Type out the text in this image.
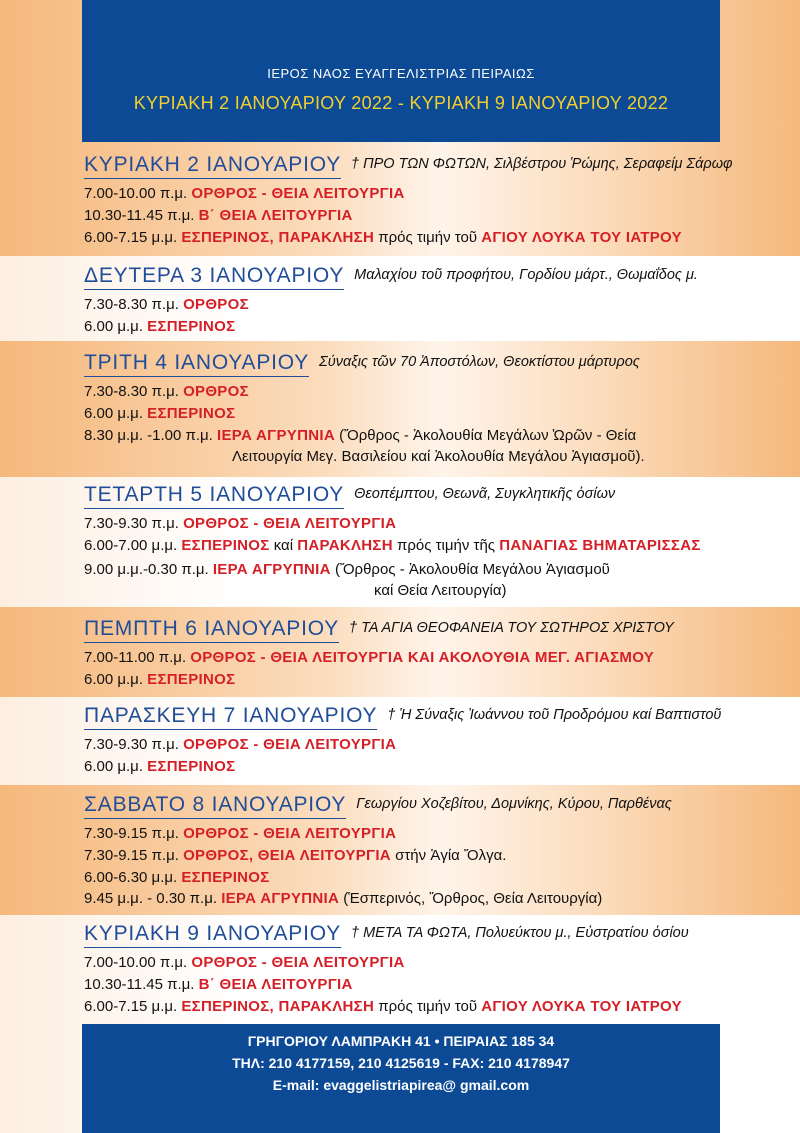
ΙΕΡΟΣ ΝΑΟΣ ΕΥΑΓΓΕΛΙΣΤΡΙΑΣ ΠΕΙΡΑΙΩΣ
ΚΥΡΙΑΚΗ 2 ΙΑΝΟΥΑΡΙΟΥ 2022 - ΚΥΡΙΑΚΗ 9 ΙΑΝΟΥΑΡΙΟΥ 2022
ΚΥΡΙΑΚΗ 2 ΙΑΝΟΥΑΡΙΟΥ † ΠΡΟ ΤΩΝ ΦΩΤΩΝ, Σιλβέστρου Ῥώμης, Σεραφείμ Σάρωφ
7.00-10.00 π.μ. ΟΡΘΡΟΣ - ΘΕΙΑ ΛΕΙΤΟΥΡΓΙΑ
10.30-11.45 π.μ. Β΄ ΘΕΙΑ ΛΕΙΤΟΥΡΓΙΑ
6.00-7.15 μ.μ. ΕΣΠΕΡΙΝΟΣ, ΠΑΡΑΚΛΗΣΗ πρός τιμήν τοῦ ΑΓΙΟΥ ΛΟΥΚΑ ΤΟΥ ΙΑΤΡΟΥ
ΔΕΥΤΕΡΑ 3 ΙΑΝΟΥΑΡΙΟΥ Μαλαχίου τοῦ προφήτου, Γορδίου μάρτ., Θωμαΐδος μ.
7.30-8.30 π.μ. ΟΡΘΡΟΣ
6.00 μ.μ. ΕΣΠΕΡΙΝΟΣ
ΤΡΙΤΗ 4 ΙΑΝΟΥΑΡΙΟΥ Σύναξις τῶν 70 Ἀποστόλων, Θεοκτίστου μάρτυρος
7.30-8.30 π.μ. ΟΡΘΡΟΣ
6.00 μ.μ. ΕΣΠΕΡΙΝΟΣ
8.30 μ.μ. -1.00 π.μ. ΙΕΡΑ ΑΓΡΥΠΝΙΑ (Ὄρθρος - Ἀκολουθία Μεγάλων Ὡρῶν - Θεία
Λειτουργία Μεγ. Βασιλείου καί Ἀκολουθία Μεγάλου Ἁγιασμοῦ).
ΤΕΤΑΡΤΗ 5 ΙΑΝΟΥΑΡΙΟΥ Θεοπέμπτου, Θεωνᾶ, Συγκλητικῆς ὁσίων
7.30-9.30 π.μ. ΟΡΘΡΟΣ - ΘΕΙΑ ΛΕΙΤΟΥΡΓΙΑ
6.00-7.00 μ.μ. ΕΣΠΕΡΙΝΟΣ καί ΠΑΡΑΚΛΗΣΗ πρός τιμήν τῆς ΠΑΝΑΓΙΑΣ ΒΗΜΑΤΑΡΙΣΣΑΣ
9.00 μ.μ.-0.30 π.μ. ΙΕΡΑ ΑΓΡΥΠΝΙΑ (Ὄρθρος - Ἀκολουθία Μεγάλου Ἁγιασμοῦ
καί Θεία Λειτουργία)
ΠΕΜΠΤΗ 6 ΙΑΝΟΥΑΡΙΟΥ † ΤΑ ΑΓΙΑ ΘΕΟΦΑΝΕΙΑ ΤΟΥ ΣΩΤΗΡΟΣ ΧΡΙΣΤΟΥ
7.00-11.00 π.μ. ΟΡΘΡΟΣ - ΘΕΙΑ ΛΕΙΤΟΥΡΓΙΑ ΚΑΙ ΑΚΟΛΟΥΘΙΑ ΜΕΓ. ΑΓΙΑΣΜΟΥ
6.00 μ.μ. ΕΣΠΕΡΙΝΟΣ
ΠΑΡΑΣΚΕΥΗ 7 ΙΑΝΟΥΑΡΙΟΥ † Ἡ Σύναξις Ἰωάννου τοῦ Προδρόμου καί Βαπτιστοῦ
7.30-9.30 π.μ. ΟΡΘΡΟΣ - ΘΕΙΑ ΛΕΙΤΟΥΡΓΙΑ
6.00 μ.μ. ΕΣΠΕΡΙΝΟΣ
ΣΑΒΒΑΤΟ 8 ΙΑΝΟΥΑΡΙΟΥ Γεωργίου Χοζεβίτου, Δομνίκης, Κύρου, Παρθένας
7.30-9.15 π.μ. ΟΡΘΡΟΣ - ΘΕΙΑ ΛΕΙΤΟΥΡΓΙΑ
7.30-9.15 π.μ. ΟΡΘΡΟΣ, ΘΕΙΑ ΛΕΙΤΟΥΡΓΙΑ στήν Ἁγία Ὄλγα.
6.00-6.30 μ.μ. ΕΣΠΕΡΙΝΟΣ
9.45 μ.μ. - 0.30 π.μ. ΙΕΡΑ ΑΓΡΥΠΝΙΑ (Ἑσπερινός, Ὄρθρος, Θεία Λειτουργία)
ΚΥΡΙΑΚΗ 9 ΙΑΝΟΥΑΡΙΟΥ † ΜΕΤΑ ΤΑ ΦΩΤΑ, Πολυεύκτου μ., Εὐστρατίου ὁσίου
7.00-10.00 π.μ. ΟΡΘΡΟΣ - ΘΕΙΑ ΛΕΙΤΟΥΡΓΙΑ
10.30-11.45 π.μ. Β΄ ΘΕΙΑ ΛΕΙΤΟΥΡΓΙΑ
6.00-7.15 μ.μ. ΕΣΠΕΡΙΝΟΣ, ΠΑΡΑΚΛΗΣΗ πρός τιμήν τοῦ ΑΓΙΟΥ ΛΟΥΚΑ ΤΟΥ ΙΑΤΡΟΥ
ΓΡΗΓΟΡΙΟΥ ΛΑΜΠΡΑΚΗ 41 • ΠΕΙΡΑΙΑΣ 185 34
ΤΗΛ: 210 4177159, 210 4125619 - FAX: 210 4178947
E-mail: evaggelistriapirea@ gmail.com
